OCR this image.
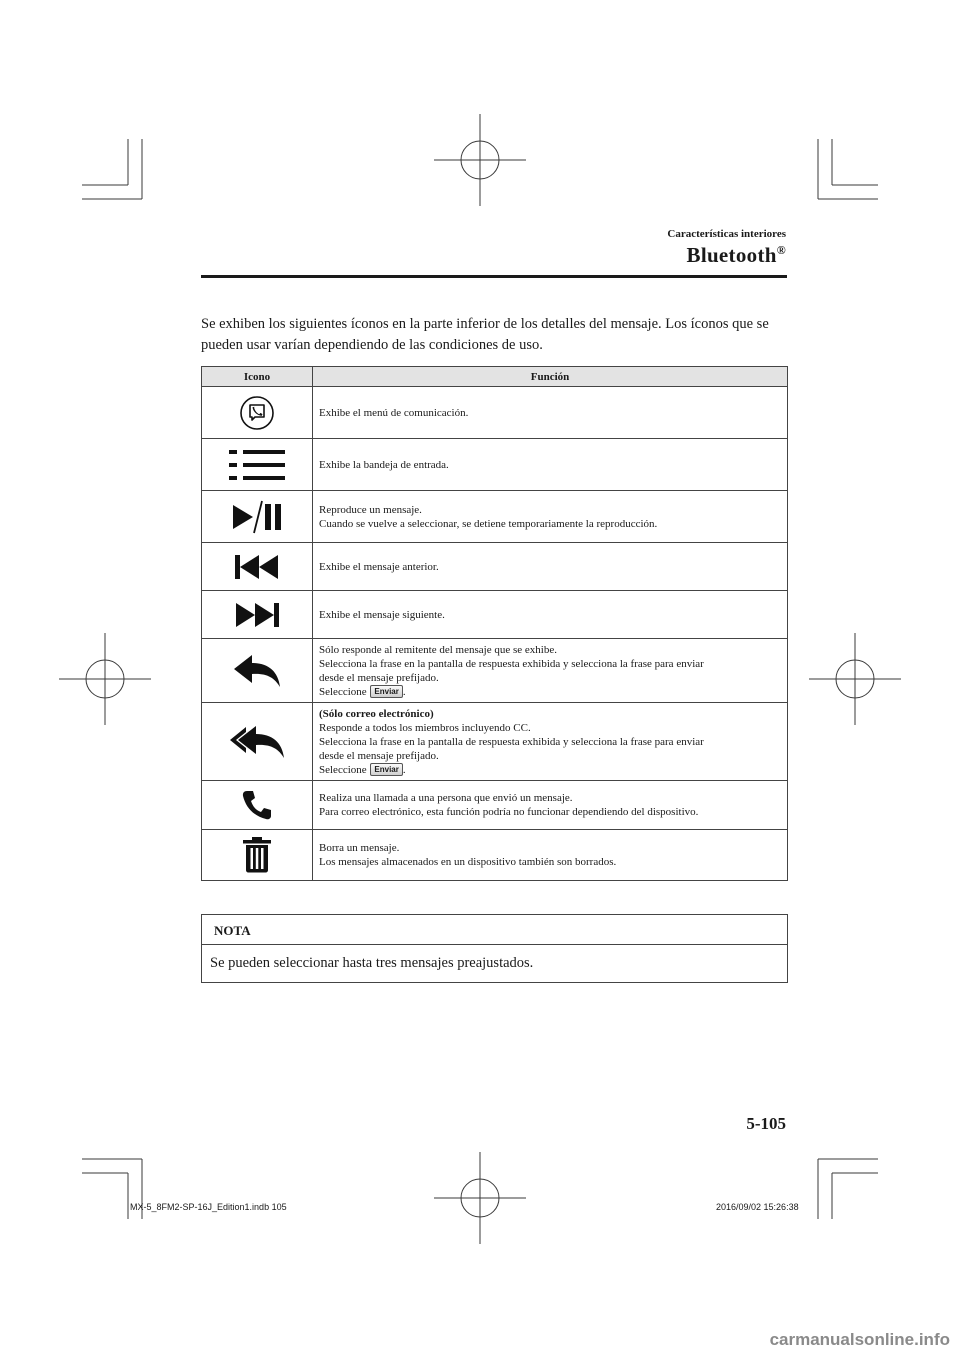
Características interiores
Bluetooth®
Se exhiben los siguientes íconos en la parte inferior de los detalles del mensaje. Los íconos que se pueden usar varían dependiendo de las condiciones de uso.
Icono	Función

Exhibe el menú de comunicación.

Exhibe la bandeja de entrada.

Reproduce un mensaje.
Cuando se vuelve a seleccionar, se detiene temporariamente la reproducción.

Exhibe el mensaje anterior.

Exhibe el mensaje siguiente.

Sólo responde al remitente del mensaje que se exhibe.
Selecciona la frase en la pantalla de respuesta exhibida y selecciona la frase para enviar
desde el mensaje prefijado.
Seleccione Enviar .

(Sólo correo electrónico)
Responde a todos los miembros incluyendo CC.
Selecciona la frase en la pantalla de respuesta exhibida y selecciona la frase para enviar
desde el mensaje prefijado.
Seleccione Enviar .

Realiza una llamada a una persona que envió un mensaje.
Para correo electrónico, esta función podría no funcionar dependiendo del dispositivo.

Borra un mensaje.
Los mensajes almacenados en un dispositivo también son borrados.
NOTA
Se pueden seleccionar hasta tres mensajes preajustados.
5-105
MX-5_8FM2-SP-16J_Edition1.indb 105	2016/09/02 15:26:38
carmanualsonline.info
